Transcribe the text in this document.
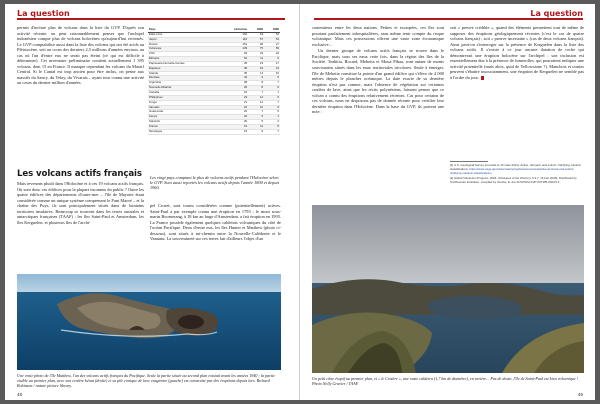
La question

permis d'inclure plus de volcans dans la liste du GVP. D'après son activité récente, on peut raisonnablement penser que l'archipel indonésien compte plus de volcans holocènes qu'aujourd'hui recensés. Le GVP comptabilise aussi dans la liste des volcans qui ont été actifs au Pléistocène, soit au cours des derniers 2,5 millions d'années environ, au cas où l'un d'entre eux ne serait pas éteint (ce qui est difficile à déterminer). Cet inventaire préliminaire contient actuellement 1 395 volcans, dont 15 en France. Il manque cependant les volcans du Massif Central. Si le Cantal est trop ancien pour être inclus, on pense aux massifs du Sancy, du Velay, du Vivarais... ayant tous connu une activité au cours du dernier million d'années.

Pays	Holocène	1800	1960
États-Unis	162	63	54
Japon	118	57	54
Russie	151	48	27
Indonésie	139	75	56
Chili	93	33	24
Éthiopie	52	11	9
Papouasie-Nouvelle-Guinée	45	23	17
Équateur	38	16	12
Islande	35	14	10
Mexique	42	9	6
Argentine	38	8	7
Nouvelle-Zélande	26	8	6
Canada	23	7	1
Philippines	23	14	9
Tonga	21	12	7
Vanuatu	22	10	8
Guatemala	22	7	5
Kenya	22	5	1
Salvador	20	5	4
France	19	11	8
Nicaragua	19	9	7
Les vingt pays comptant le plus de volcans actifs pendant l'Holocène selon le GVP. Sont aussi reportés les volcans actifs depuis l'année 1800 et depuis 1960.
Les volcans actifs français

Mais revenons plutôt dans l'Holocène et à ces 19 volcans actifs français. Où sont donc ces édifices pour la plupart inconnus du public ? Outre les quatre édifices des départements d'outre-mer – l'île de Mayotte étant considérée comme un unique système comprenant le Fani Maoré – et la chaîne des Puys, ils sont principalement situés dans de lointains territoires insulaires. Beaucoup se trouvent dans les terres australes et antarctiques françaises (TAAF) : les îles Saint-Paul et Amsterdam, les îles Kerguelen, et plusieurs îles de l'archi-

pel Crozet, sont toutes considérées comme (potentiellement) actives. Saint-Paul a par exemple connu une éruption en 1793 ; le mont sous-marin Boomerang, à 18 km au large d'Amsterdam, a fait éruption en 1995. La France possède également quelques caldeiras volcaniques du côté de l'océan Pacifique. Deux d'entre eux, les îles Hunter et Matthew (photo ci-dessous), sont situés à mi-chemin entre la Nouvelle-Calédonie et le Vanuatu. La souveraineté sur ces terres fait d'ailleurs l'objet d'un

Une vraie photo de l'île Matthew, l'un des volcans actifs français du Pacifique. Seule la partie située au second plan existait avant les années 1940 ; la partie visible au premier plan, avec son cratère béant (droite) et sa pile conique de lave vosgienne (gauche) est construite par des éruptions depuis lors. Richard Robinson / nature picture library.
48
La question

contentieux entre les deux nations. Petites et escarpées, ces îles sont pourtant parfaitement inhospitalières, sans même tenir compte du risque volcanique. Mais ces possessions offrent une vaste zone économique exclusive...

Un dernier groupe de volcans actifs français se trouve dans le Pacifique, mais sous ses eaux cette fois, dans la région des îles de la Société. Teahitia, Rocard, Mehetia et Moua Pihaa, sont autant de monts sous-marins situés dans les eaux territoriales tricolores. Seule à émerger, l'île de Mehetia constitue la pointe d'un grand édifice qui s'élève de 4 000 mètres depuis le plancher océanique. La date exacte de sa dernière éruption n'est pas connue, mais l'absence de végétation sur certaines coulées de lave, ainsi que les récits polynésiens, laissent penser que ce volcan a connu des éruptions relativement récentes. Car pour certains de ces volcans, nous ne disposons pas de donnée récente pour certifier leur dernière éruption dans l'Holocène. Dans la base du GVP, ils portent une note :

soit « preuve crédible », quand des éléments permettent tout de même de supposer des éruptions géologiquement récentes (c'est le cas de quatre volcans français) ; soit « preuve incertaine » (cas de deux volcans français). Ainsi peut-on s'interroger sur la présence de Kerguelen dans la liste des volcans actifs. Il s'existe à ce jour aucune datation de roche qui démontrerait une éruption holocène sur l'archipel ; son inclusion est essentiellement due à la présence de fumerolles, qui pourraient indiquer une activité potentielle (mais alors, quid de Yellowstone ?). Manchots et otaries peuvent s'ébattre insouciamment, une éruption de Kerguelen ne semble pas à l'ordre du jour.

[1] U.S. Geological Survey (consulté le 10 mars 2021). Active, dormant, and extinct: Clarifying volcanic classifications. https://www.usgs.gov/observatories/yellowstone/news/active-dormant-and-extinct-clarifying-volcanic-classifications

[2] Global Volcanism Program, 2024. Volcanoes of the World (v. 5.2.7; 15 Feb 2025). Distributed by Smithsonian Institution, compiled by Venzke, E. doi:10.5479/si.GVP.VOTW5-2024.5.2

Un petit cône érupif au premier plan, et « le Cratère », une vaste caldeira (1,7 km de diamètre), en arrière... Pas de doute, l'île de Saint-Paul est bien volcanique ! Photo Nelly Gravier / TAAF.
49
